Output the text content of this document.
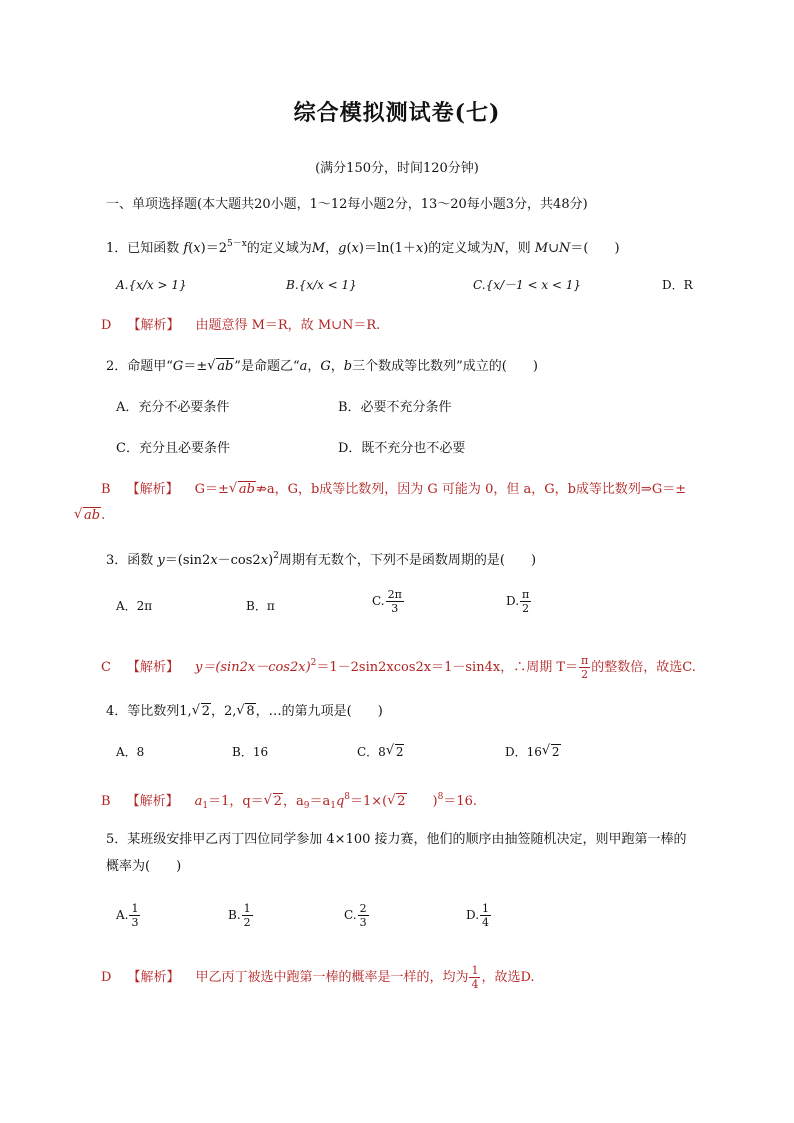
综合模拟测试卷(七)
(满分150分，时间120分钟)
一、单项选择题(本大题共20小题，1～12每小题2分，13～20每小题3分，共48分)
1．已知函数 $f(x)=2^{5-x}$的定义域为M，g(x)＝ln(1＋x)的定义域为N，则 M∪N＝(　　)
A.{x/x > 1}	B.{x/x < 1}	C.{x/－1 < x < 1}	D．R
D 【解析】 由题意得 M＝R，故 M∪N＝R.
2．命题甲“G＝±√ ab”是命题乙“a，G，b三个数成等比数列”成立的(　　)
A．充分不必要条件	B．必要不充分条件
C．充分且必要条件	D．既不充分也不必要
B 【解析】 G＝±√ ab⇏a，G，b成等比数列，因为 G 可能为 0，但 a，G，b成等比数列⇒G＝±
√ ab.
3．函数 $y=(\sin 2x-\cos 2x)^2$周期有无数个，下列不是函数周期的是(　　)
A．2π	B．π	C. $\frac{2\pi}{3}$	D. $\frac{\pi}{2}$
C 【解析】 $y=(\sin 2x-\cos 2x)^2=1-2\sin 2xcos2x=1-\sin 4x$，∴周期 $T= \frac{\pi}{2}$ 的整数倍，故选C.
4．等比数列1,√ 2，2,√ 8，…的第九项是(　　)
A．8	B．16	C．8√ 2	D．16√ 2
B 【解析】 $a_1=1$，q＝√ 2，$a_9=a_1q^8=1\times(√$ 2 )$^8$＝16.
5．某班级安排甲乙丙丁四位同学参加 4×100 接力赛，他们的顺序由抽签随机决定，则甲跑第一棒的
概率为(　　)
A. $\frac{1}{3}$	B. $\frac{1}{2}$	C. $\frac{2}{3}$	D. $\frac{1}{4}$
D 【解析】 甲乙丙丁被选中跑第一棒的概率是一样的，均为 $\frac{1}{4}$ ，故选D.
